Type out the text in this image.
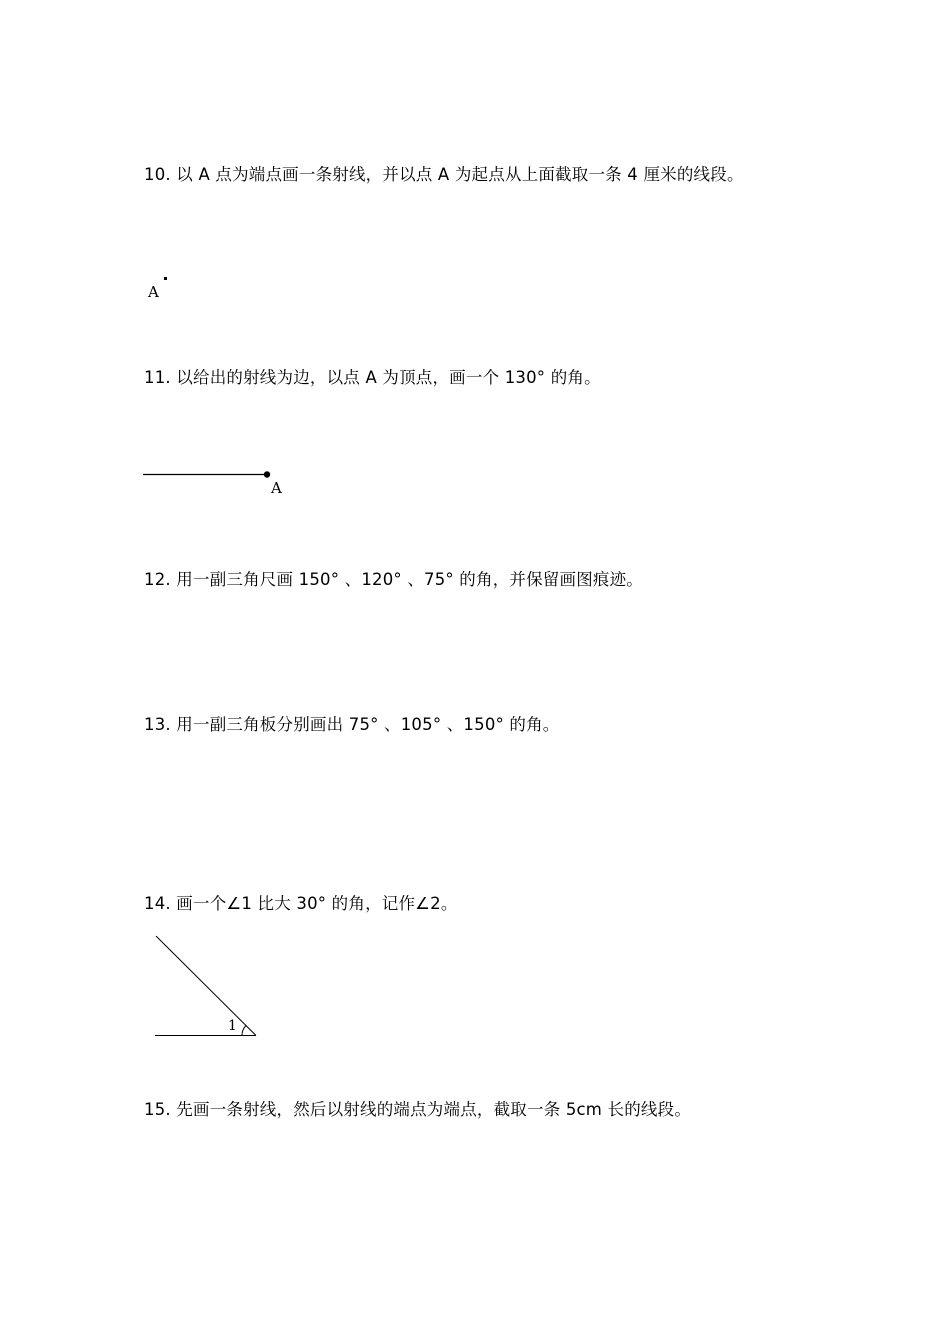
10. 以 A 点为端点画一条射线，并以点 A 为起点从上面截取一条 4 厘米的线段。
A
11. 以给出的射线为边，以点 A 为顶点，画一个 130° 的角。
A
12. 用一副三角尺画 150° 、120° 、75° 的角，并保留画图痕迹。
13. 用一副三角板分别画出 75° 、105° 、150° 的角。
14. 画一个∠1 比大 30° 的角，记作∠2。
1
15. 先画一条射线，然后以射线的端点为端点，截取一条 5cm 长的线段。
